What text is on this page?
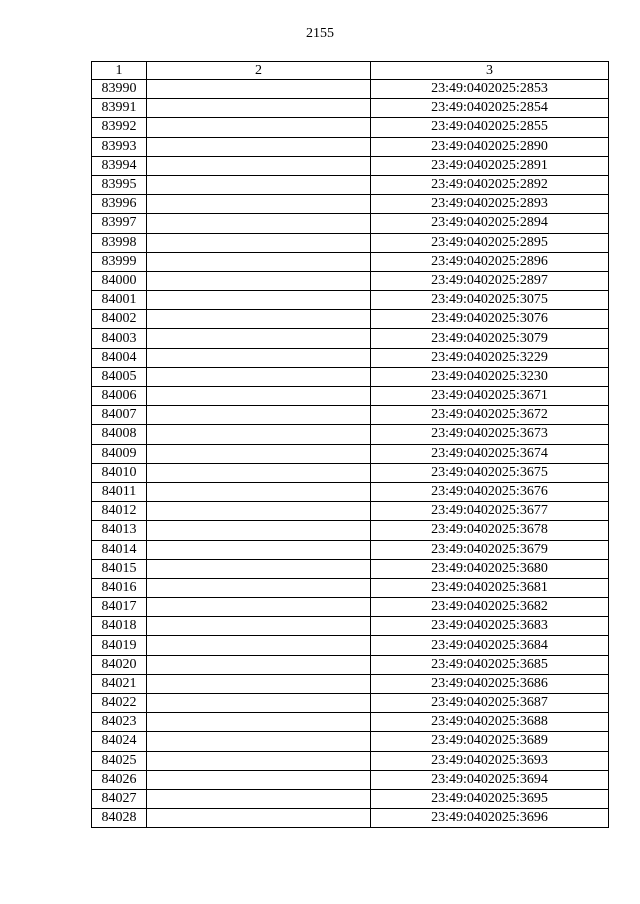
2155
1	2	3
83990		23:49:0402025:2853
83991		23:49:0402025:2854
83992		23:49:0402025:2855
83993		23:49:0402025:2890
83994		23:49:0402025:2891
83995		23:49:0402025:2892
83996		23:49:0402025:2893
83997		23:49:0402025:2894
83998		23:49:0402025:2895
83999		23:49:0402025:2896
84000		23:49:0402025:2897
84001		23:49:0402025:3075
84002		23:49:0402025:3076
84003		23:49:0402025:3079
84004		23:49:0402025:3229
84005		23:49:0402025:3230
84006		23:49:0402025:3671
84007		23:49:0402025:3672
84008		23:49:0402025:3673
84009		23:49:0402025:3674
84010		23:49:0402025:3675
84011		23:49:0402025:3676
84012		23:49:0402025:3677
84013		23:49:0402025:3678
84014		23:49:0402025:3679
84015		23:49:0402025:3680
84016		23:49:0402025:3681
84017		23:49:0402025:3682
84018		23:49:0402025:3683
84019		23:49:0402025:3684
84020		23:49:0402025:3685
84021		23:49:0402025:3686
84022		23:49:0402025:3687
84023		23:49:0402025:3688
84024		23:49:0402025:3689
84025		23:49:0402025:3693
84026		23:49:0402025:3694
84027		23:49:0402025:3695
84028		23:49:0402025:3696
